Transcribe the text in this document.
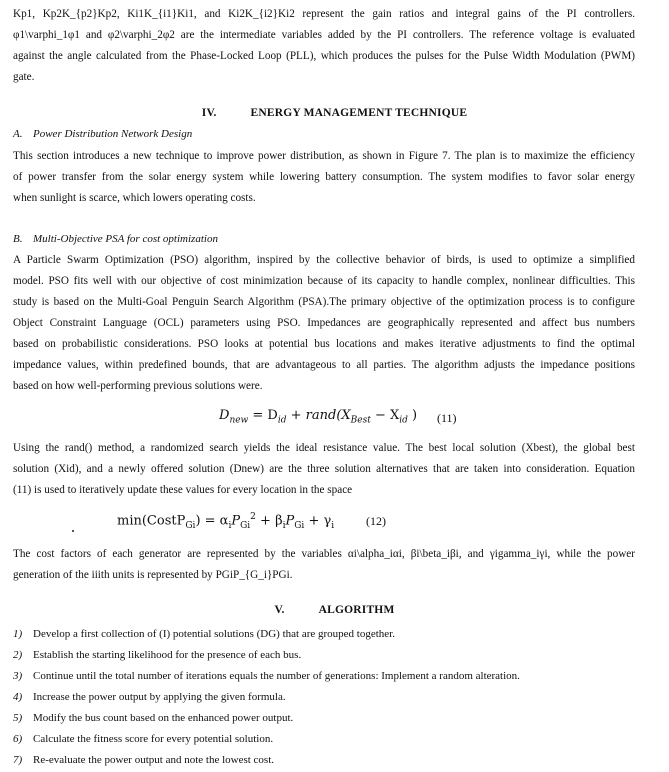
Kp1, Kp2K_{p2}Kp2, Ki1K_{i1}Ki1, and Ki2K_{i2}Ki2 represent the gain ratios and integral gains of the PI controllers.
φ1\varphi_1φ1 and φ2\varphi_2φ2 are the intermediate variables added by the PI controllers. The reference voltage is evaluated
against the angle calculated from the Phase-Locked Loop (PLL), which produces the pulses for the Pulse Width Modulation (PWM)
gate.
IV.	ENERGY MANAGEMENT TECHNIQUE
A. Power Distribution Network Design
This section introduces a new technique to improve power distribution, as shown in Figure 7. The plan is to maximize the efficiency
of power transfer from the solar energy system while lowering battery consumption. The system modifies to favor solar energy
when sunlight is scarce, which lowers operating costs.
B. Multi-Objective PSA for cost optimization
A Particle Swarm Optimization (PSO) algorithm, inspired by the collective behavior of birds, is used to optimize a simplified
model. PSO fits well with our objective of cost minimization because of its capacity to handle complex, nonlinear difficulties. This
study is based on the Multi-Goal Penguin Search Algorithm (PSA).The primary objective of the optimization process is to configure
Object Constraint Language (OCL) parameters using PSO. Impedances are geographically represented and affect bus numbers
based on probabilistic considerations. PSO looks at potential bus locations and makes iterative adjustments to find the optimal
impedance values, within predefined bounds, that are advantageous to all parties. The algorithm adjusts the impedance positions
based on how well-performing previous solutions were.
$D_{new} = D_{id}$ + $rand(X_{Best} - X_{id}$ ) (11)
Using the rand() method, a randomized search yields the ideal resistance value. The best local solution (Xbest), the global best
solution (Xid), and a newly offered solution (Dnew) are the three solution alternatives that are taken into consideration. Equation
(11) is used to iteratively update these values for every location in the space
min(CostP$_{Gi}$) = $\alpha_iP_{Gi}^2 + \beta_iP_{Gi} + \gamma_i$	(12)
The cost factors of each generator are represented by the variables αi\alpha_iαi, βi\beta_iβi, and γigamma_iγi, while the power
generation of the iiith units is represented by PGiP_{G_i}PGi.
V.	ALGORITHM
1) Develop a first collection of (I) potential solutions (DG) that are grouped together.
2) Establish the starting likelihood for the presence of each bus.
3) Continue until the total number of iterations equals the number of generations: Implement a random alteration.
4) Increase the power output by applying the given formula.
5) Modify the bus count based on the enhanced power output.
6) Calculate the fitness score for every potential solution.
7) Re-evaluate the power output and note the lowest cost.
